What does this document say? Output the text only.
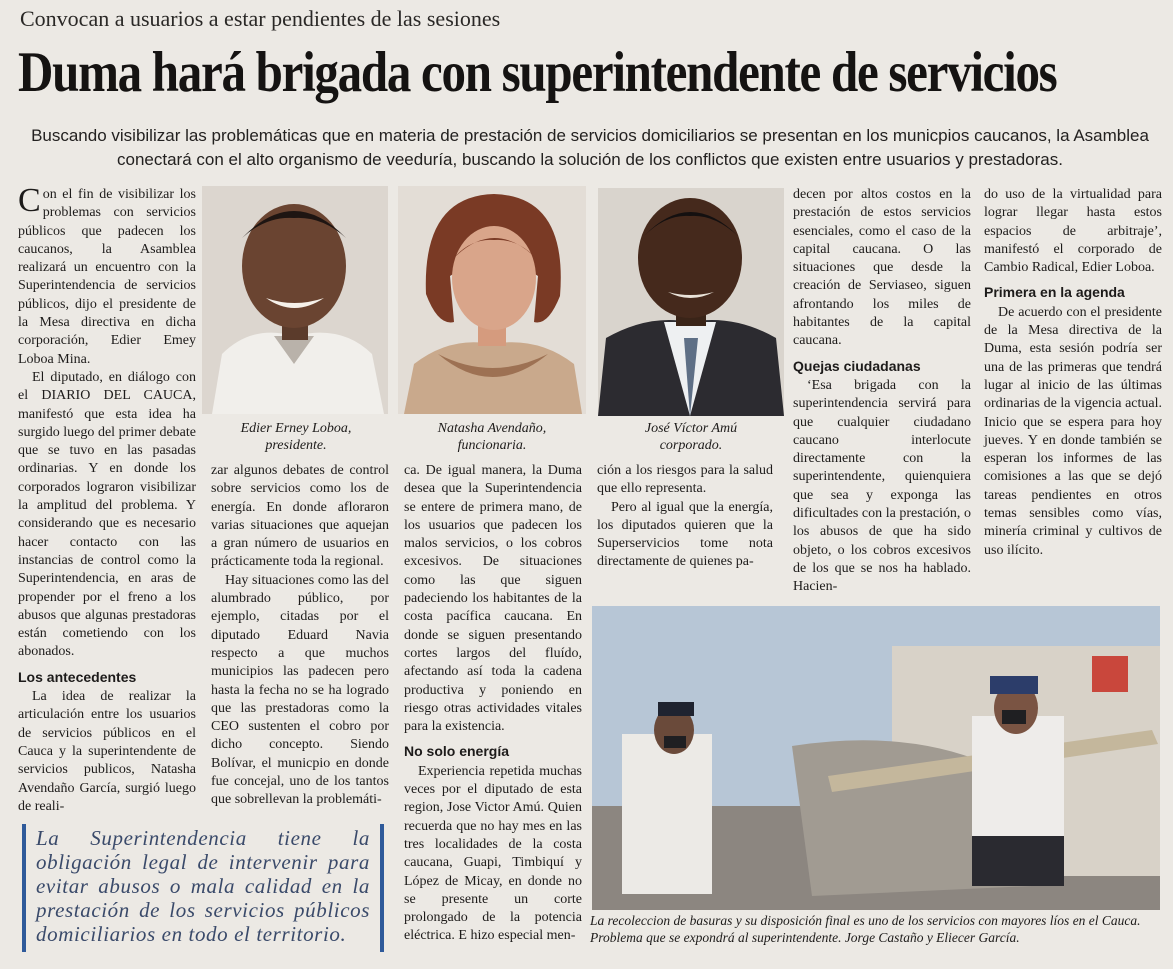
Convocan a usuarios a estar pendientes de las sesiones
Duma hará brigada con superintendente de servicios
Buscando visibilizar las problemáticas que en materia de prestación de servicios domiciliarios se presentan en los municpios caucanos, la Asamblea conectará con el alto organismo de veeduría, buscando la solución de los conflictos que existen entre usuarios y prestadoras.

Con el fin de visibilizar los problemas con servicios públicos que padecen los caucanos, la Asamblea realizará un encuentro con la Superintendencia de servicios públicos, dijo el presidente de la Mesa directiva en dicha corporación, Edier Emey Loboa Mina.

El diputado, en diálogo con el DIARIO DEL CAUCA, manifestó que esta idea ha surgido luego del primer debate que se tuvo en las pasadas ordinarias. Y en donde los corporados lograron visibilizar la amplitud del problema. Y considerando que es necesario hacer contacto con las instancias de control como la Superintendencia, en aras de propender por el freno a los abusos que algunas prestadoras están cometiendo con los abonados.

Los antecedentes

La idea de realizar la articulación entre los usuarios de servicios públicos en el Cauca y la superintendente de servicios publicos, Natasha Avendaño García, surgió luego de reali-

Edier Erney Loboa,
presidente.
Natasha Avendaño,
funcionaria.
José Víctor Amú
corporado.

zar algunos debates de control sobre servicios como los de energía. En donde afloraron varias situaciones que aquejan a gran número de usuarios en prácticamente toda la regional.

Hay situaciones como las del alumbrado público, por ejemplo, citadas por el diputado Eduard Navia respecto a que muchos municipios las padecen pero hasta la fecha no se ha logrado que las prestadoras como la CEO sustenten el cobro por dicho concepto. Siendo Bolívar, el municpio en donde fue concejal, uno de los tantos que sobrellevan la problemáti-

ca. De igual manera, la Duma desea que la Superintendencia se entere de primera mano, de los usuarios que padecen los malos servicios, o los cobros excesivos. De situaciones como las que siguen padeciendo los habitantes de la costa pacífica caucana. En donde se siguen presentando cortes largos del fluído, afectando así toda la cadena productiva y poniendo en riesgo otras actividades vitales para la existencia.

No solo energía

Experiencia repetida muchas veces por el diputado de esta region, Jose Victor Amú. Quien recuerda que no hay mes en las tres localidades de la costa caucana, Guapi, Timbiquí y López de Micay, en donde no se presente un corte prolongado de la potencia eléctrica. E hizo especial men-

ción a los riesgos para la salud que ello representa.

Pero al igual que la energía, los diputados quieren que la Superservicios tome nota directamente de quienes pa-

decen por altos costos en la prestación de estos servicios esenciales, como el caso de la capital caucana. O las situaciones que desde la creación de Serviaseo, siguen afrontando los miles de habitantes de la capital caucana.

Quejas ciudadanas

‘Esa brigada con la superintendencia servirá para que cualquier ciudadano caucano interlocute directamente con la superintendente, quienquiera que sea y exponga las dificultades con la prestación, o los abusos de que ha sido objeto, o los cobros excesivos de los que se nos ha hablado. Hacien-

do uso de la virtualidad para lograr llegar hasta estos espacios de arbitraje’, manifestó el corporado de Cambio Radical, Edier Loboa.

Primera en la agenda

De acuerdo con el presidente de la Mesa directiva de la Duma, esta sesión podría ser una de las primeras que tendrá lugar al inicio de las últimas ordinarias de la vigencia actual. Inicio que se espera para hoy jueves. Y en donde también se esperan los informes de las comisiones a las que se dejó tareas pendientes en otros temas sensibles como vías, minería criminal y cultivos de uso ilícito.

La recoleccion de basuras y su disposición final es uno de los servicios con mayores líos en el Cauca. Problema que se expondrá al superintendente. Jorge Castaño y Eliecer García.
La Superintendencia tiene la obligación legal de intervenir para evitar abusos o mala calidad en la prestación de los servicios públicos domiciliarios en todo el territorio.
